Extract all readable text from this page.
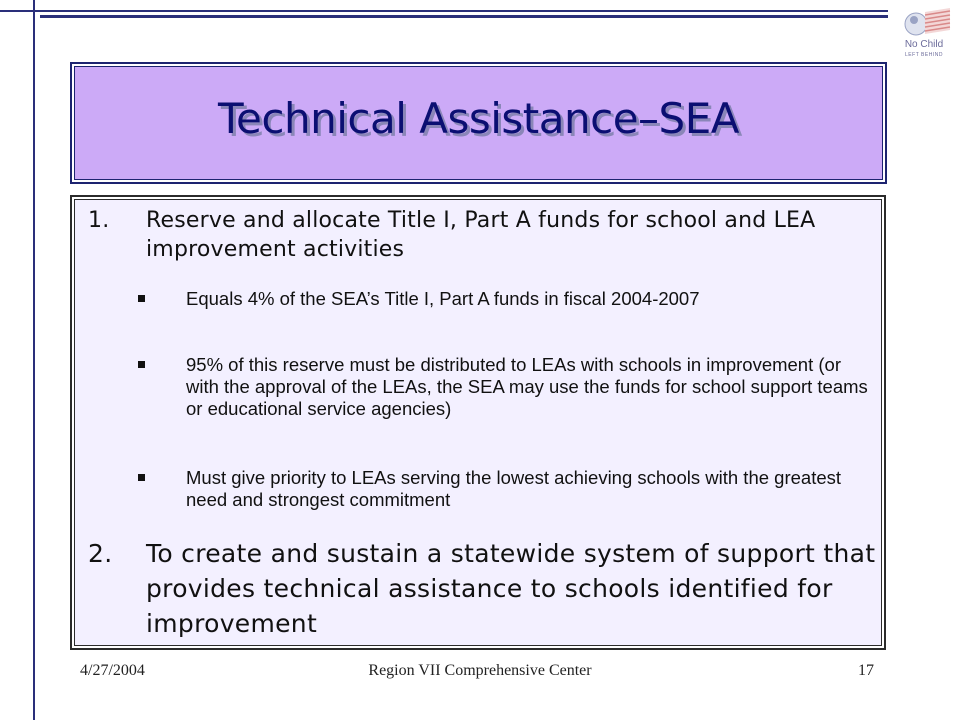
No Child
LEFT BEHIND
Technical Assistance–SEA
1. Reserve and allocate Title I, Part A funds for school and LEA improvement activities
Equals 4% of the SEA’s Title I, Part A funds in fiscal 2004-2007
95% of this reserve must be distributed to LEAs with schools in improvement (or with the approval of the LEAs, the SEA may use the funds for school support teams or educational service agencies)
Must give priority to LEAs serving the lowest achieving schools with the greatest need and strongest commitment
2. To create and sustain a statewide system of support that provides technical assistance to schools identified for improvement
4/27/2004	Region VII Comprehensive Center	17
